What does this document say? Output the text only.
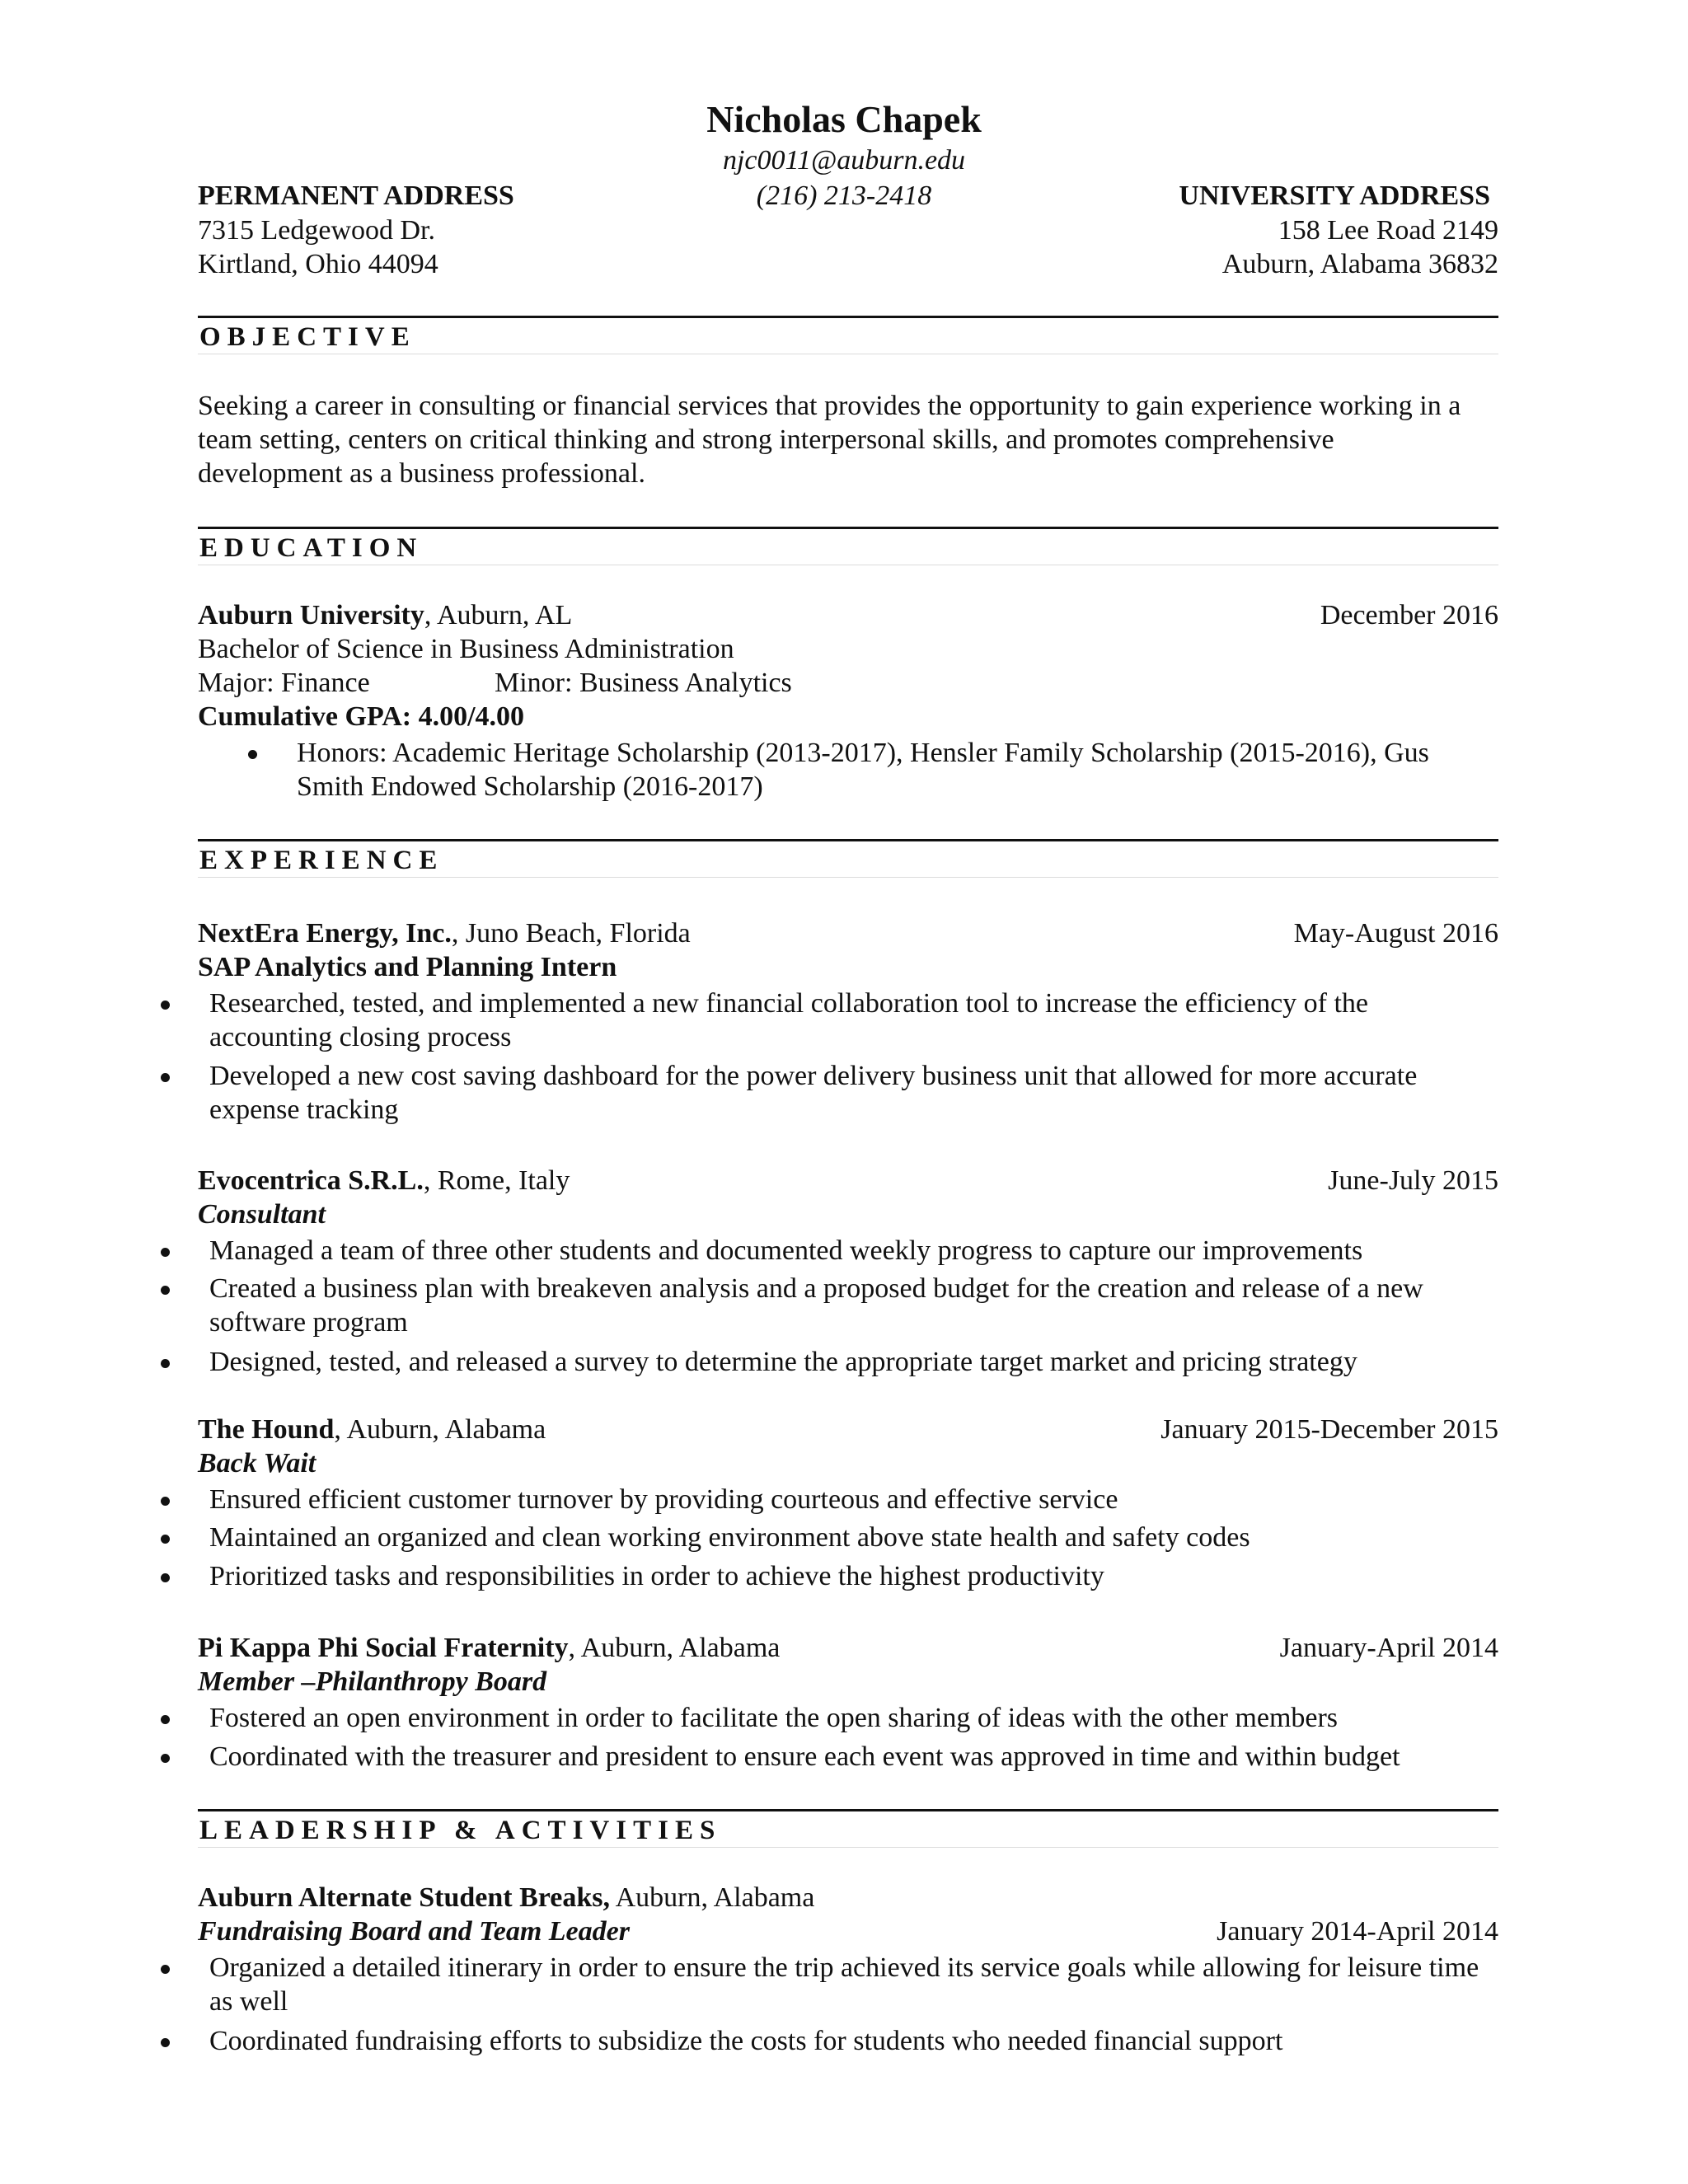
Nicholas Chapek
njc0011@auburn.edu
(216) 213-2418
PERMANENT ADDRESS
7315 Ledgewood Dr.
Kirtland, Ohio 44094
UNIVERSITY ADDRESS
158 Lee Road 2149
Auburn, Alabama 36832
OBJECTIVE
Seeking a career in consulting or financial services that provides the opportunity to gain experience working in a team setting, centers on critical thinking and strong interpersonal skills, and promotes comprehensive development as a business professional.
EDUCATION
Auburn University, Auburn, AL	December 2016
Bachelor of Science in Business Administration
Major: Finance	Minor: Business Analytics
Cumulative GPA: 4.00/4.00
Honors: Academic Heritage Scholarship (2013-2017), Hensler Family Scholarship (2015-2016), Gus Smith Endowed Scholarship (2016-2017)
EXPERIENCE
NextEra Energy, Inc., Juno Beach, Florida	May-August 2016
SAP Analytics and Planning Intern
Researched, tested, and implemented a new financial collaboration tool to increase the efficiency of the accounting closing process
Developed a new cost saving dashboard for the power delivery business unit that allowed for more accurate expense tracking
Evocentrica S.R.L., Rome, Italy	June-July 2015
Consultant
Managed a team of three other students and documented weekly progress to capture our improvements
Created a business plan with breakeven analysis and a proposed budget for the creation and release of a new software program
Designed, tested, and released a survey to determine the appropriate target market and pricing strategy
The Hound, Auburn, Alabama	January 2015-December 2015
Back Wait
Ensured efficient customer turnover by providing courteous and effective service
Maintained an organized and clean working environment above state health and safety codes
Prioritized tasks and responsibilities in order to achieve the highest productivity
Pi Kappa Phi Social Fraternity, Auburn, Alabama	January-April 2014
Member –Philanthropy Board
Fostered an open environment in order to facilitate the open sharing of ideas with the other members
Coordinated with the treasurer and president to ensure each event was approved in time and within budget
LEADERSHIP & ACTIVITIES
Auburn Alternate Student Breaks, Auburn, Alabama
Fundraising Board and Team Leader	January 2014-April 2014
Organized a detailed itinerary in order to ensure the trip achieved its service goals while allowing for leisure time as well
Coordinated fundraising efforts to subsidize the costs for students who needed financial support
